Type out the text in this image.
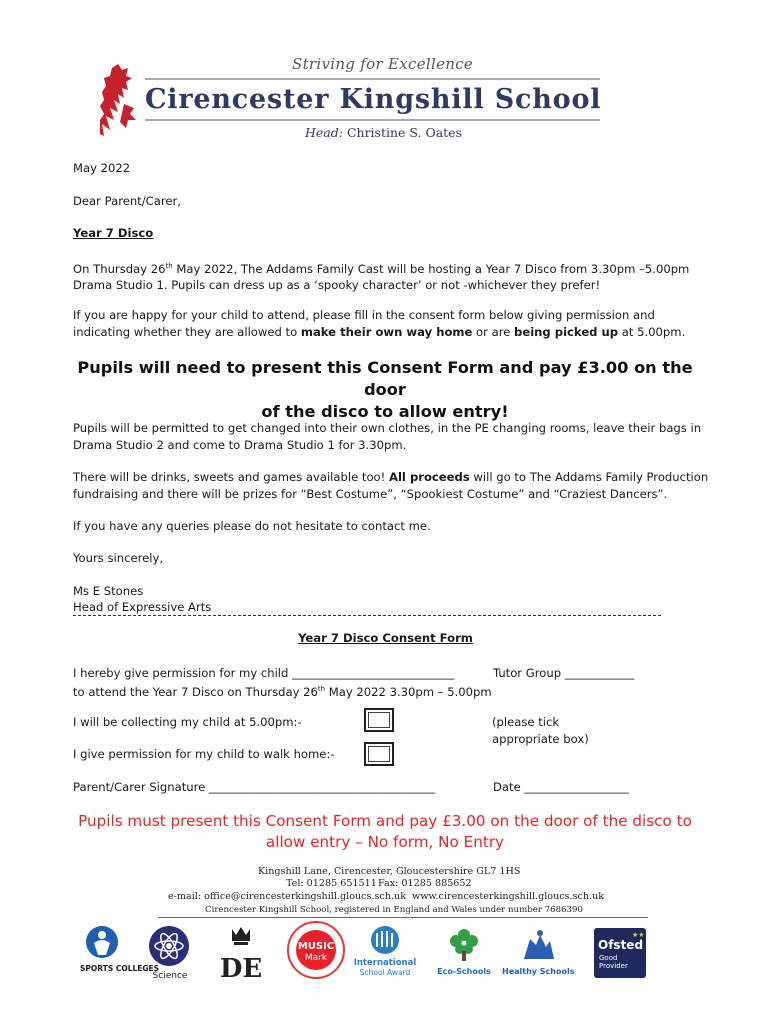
Striving for Excellence
Cirencester Kingshill School
Head: Christine S. Oates
May 2022
Dear Parent/Carer,
Year 7 Disco
On Thursday 26th May 2022, The Addams Family Cast will be hosting a Year 7 Disco from 3.30pm –5.00pm
Drama Studio 1. Pupils can dress up as a ‘spooky character’ or not -whichever they prefer!
If you are happy for your child to attend, please fill in the consent form below giving permission and
indicating whether they are allowed to make their own way home or are being picked up at 5.00pm.
Pupils will need to present this Consent Form and pay £3.00 on the door
of the disco to allow entry!
Pupils will be permitted to get changed into their own clothes, in the PE changing rooms, leave their bags in
Drama Studio 2 and come to Drama Studio 1 for 3.30pm.
There will be drinks, sweets and games available too! All proceeds will go to The Addams Family Production
fundraising and there will be prizes for “Best Costume”, “Spookiest Costume” and “Craziest Dancers”.
If you have any queries please do not hesitate to contact me.
Yours sincerely,
Ms E Stones
Head of Expressive Arts
Year 7 Disco Consent Form
I hereby give permission for my child ____________________________	Tutor Group ____________
to attend the Year 7 Disco on Thursday 26th May 2022 3.30pm – 5.00pm
I will be collecting my child at 5.00pm:-	(please tick
appropriate box)
I give permission for my child to walk home:-
Parent/Carer Signature _______________________________________	Date __________________
Pupils must present this Consent Form and pay £3.00 on the door of the disco to
allow entry – No form, No Entry
Kingshill Lane, Cirencester, Gloucestershire GL7 1HS
Tel: 01285 651511 Fax: 01285 885652
e-mail: office@cirencesterkingshill.gloucs.sch.uk www.cirencesterkingshill.gloucs.sch.uk
Cirencester Kingshill School, registered in England and Wales under number 7686390
SPORTS COLLEGES
Science DE
MUSIC
Mark	International
School Award	Eco-Schools Healthy Schools
★★
Ofsted
Good
Provider
